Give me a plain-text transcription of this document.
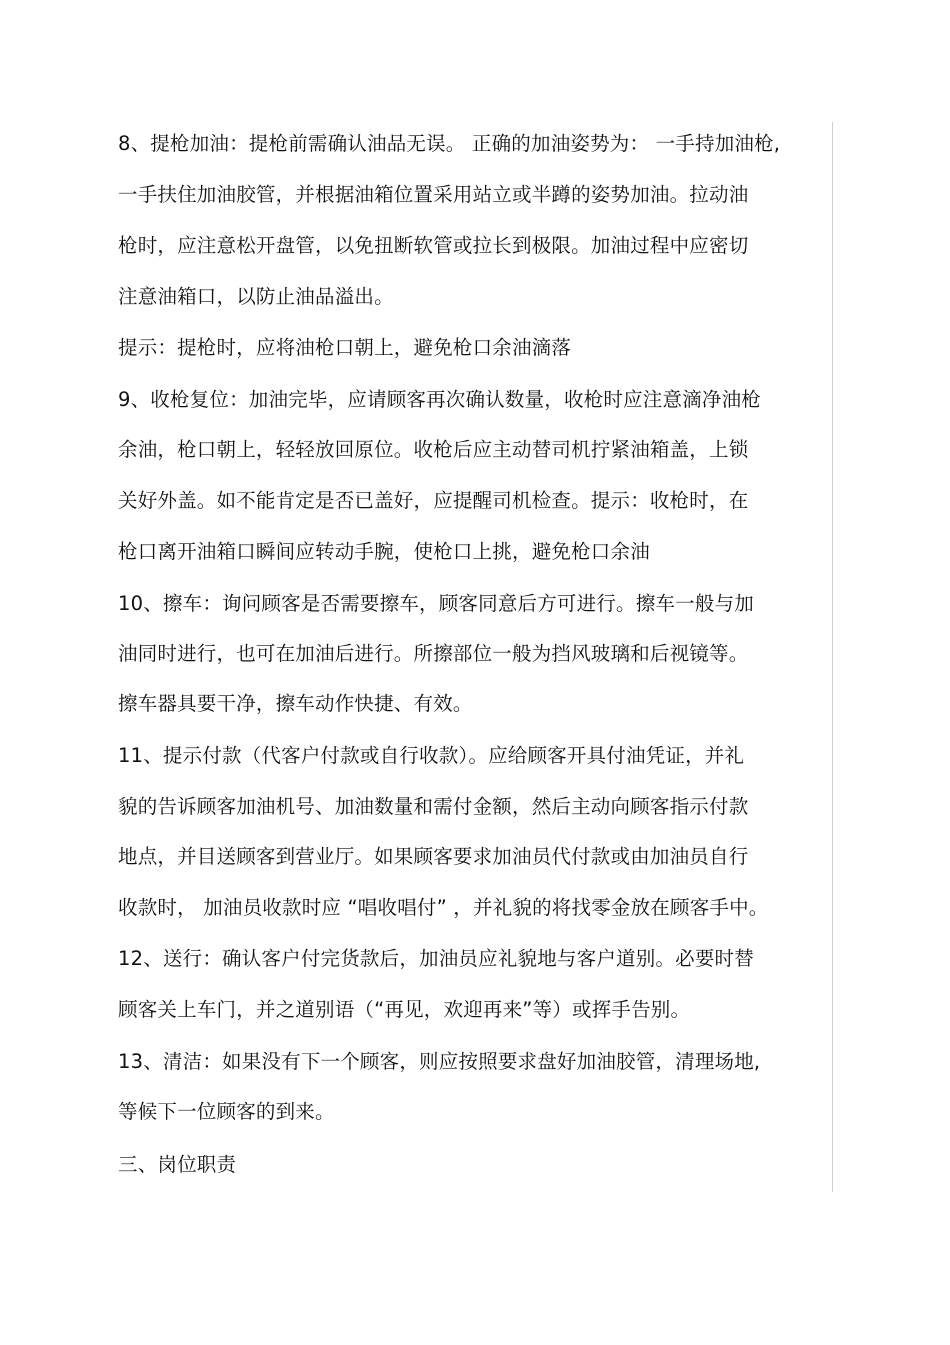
8、提枪加油：提枪前需确认油品无误。 正确的加油姿势为： 一手持加油枪,
一手扶住加油胶管，并根据油箱位置采用站立或半蹲的姿势加油。拉动油
枪时，应注意松开盘管，以免扭断软管或拉长到极限。加油过程中应密切
注意油箱口，以防止油品溢出。
提示：提枪时，应将油枪口朝上，避免枪口余油滴落
9、收枪复位：加油完毕，应请顾客再次确认数量，收枪时应注意滴净油枪
余油，枪口朝上，轻轻放回原位。收枪后应主动替司机拧紧油箱盖，上锁
关好外盖。如不能肯定是否已盖好，应提醒司机检查。提示：收枪时，在
枪口离开油箱口瞬间应转动手腕，使枪口上挑，避免枪口余油
10、擦车：询问顾客是否需要擦车，顾客同意后方可进行。擦车一般与加
油同时进行，也可在加油后进行。所擦部位一般为挡风玻璃和后视镜等。
擦车器具要干净，擦车动作快捷、有效。
11、提示付款（代客户付款或自行收款）。应给顾客开具付油凭证，并礼
貌的告诉顾客加油机号、加油数量和需付金额，然后主动向顾客指示付款
地点，并目送顾客到营业厅。如果顾客要求加油员代付款或由加油员自行
收款时， 加油员收款时应 “唱收唱付” ，并礼貌的将找零金放在顾客手中。
12、送行：确认客户付完货款后，加油员应礼貌地与客户道别。必要时替
顾客关上车门，并之道别语（“再见，欢迎再来”等）或挥手告别。
13、清洁：如果没有下一个顾客，则应按照要求盘好加油胶管，清理场地,
等候下一位顾客的到来。
三、岗位职责
